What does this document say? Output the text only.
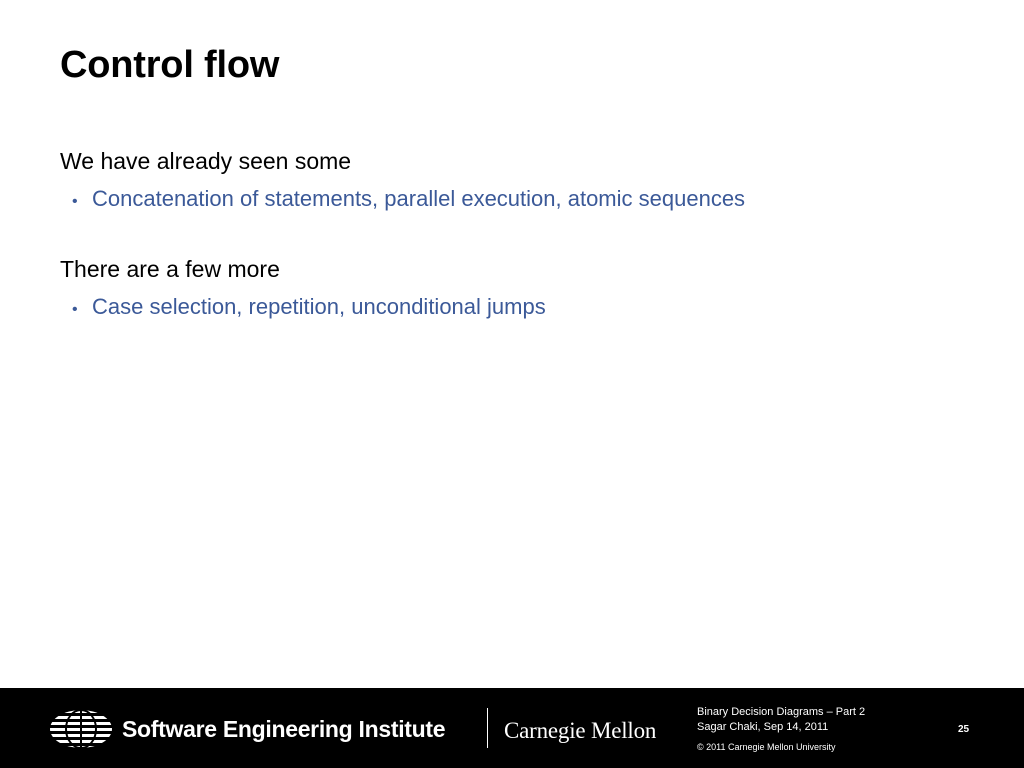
Control flow
We have already seen some
• Concatenation of statements, parallel execution, atomic sequences
There are a few more
• Case selection, repetition, unconditional jumps
Software Engineering Institute	Carnegie Mellon
Binary Decision Diagrams – Part 2
Sagar Chaki, Sep 14, 2011
© 2011 Carnegie Mellon University
25
